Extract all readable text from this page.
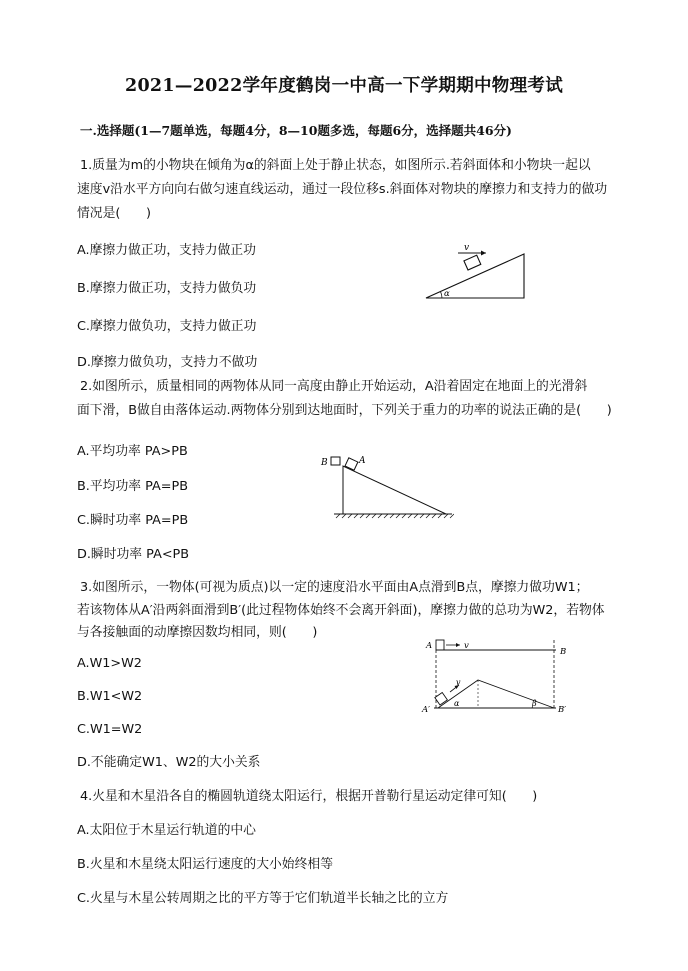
2021—2022学年度鹤岗一中高一下学期期中物理考试
一.选择题(1—7题单选，每题4分，8—10题多选，每题6分，选择题共46分)
1.质量为m的小物块在倾角为α的斜面上处于静止状态，如图所示.若斜面体和小物块一起以
速度v沿水平方向向右做匀速直线运动，通过一段位移s.斜面体对物块的摩擦力和支持力的做功
情况是(　　)
A.摩擦力做正功，支持力做正功
B.摩擦力做正功，支持力做负功
C.摩擦力做负功，支持力做正功
D.摩擦力做负功，支持力不做功
v
α
2.如图所示，质量相同的两物体从同一高度由静止开始运动，A沿着固定在地面上的光滑斜
面下滑，B做自由落体运动.两物体分别到达地面时，下列关于重力的功率的说法正确的是(　　)
A.平均功率 PA>PB
B.平均功率 PA=PB
C.瞬时功率 PA=PB
D.瞬时功率 PA<PB
B	A
3.如图所示，一物体(可视为质点)以一定的速度沿水平面由A点滑到B点，摩擦力做功W1；
若该物体从A′沿两斜面滑到B′(此过程物体始终不会离开斜面)，摩擦力做的总功为W2，若物体
与各接触面的动摩擦因数均相同，则(　　)
A.W1>W2
B.W1<W2
C.W1=W2
D.不能确定W1、W2的大小关系
A	v
B
v
α	β
A′	B′
4.火星和木星沿各自的椭圆轨道绕太阳运行，根据开普勒行星运动定律可知(　　)
A.太阳位于木星运行轨道的中心
B.火星和木星绕太阳运行速度的大小始终相等
C.火星与木星公转周期之比的平方等于它们轨道半长轴之比的立方
